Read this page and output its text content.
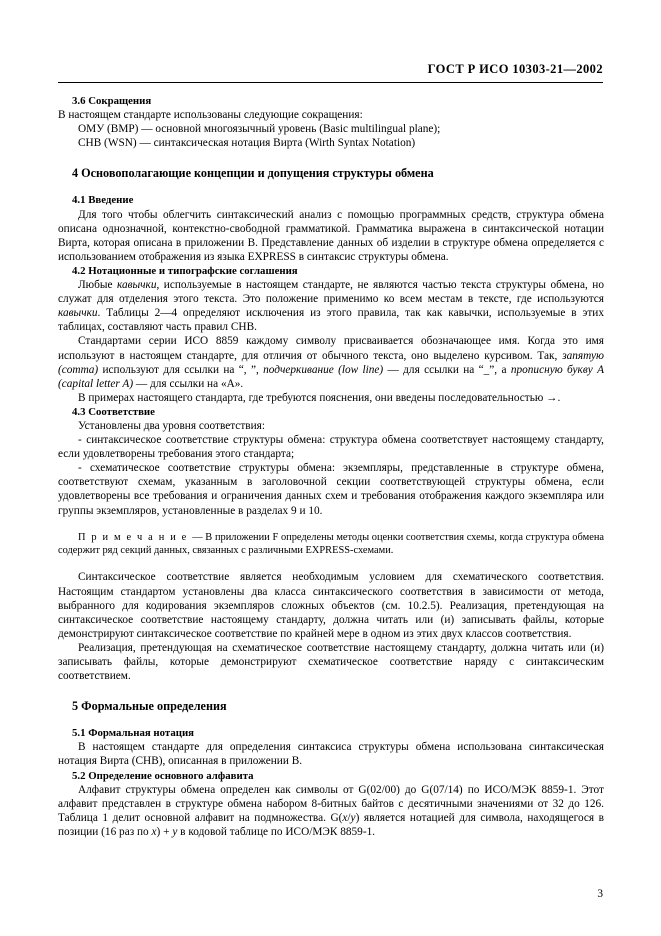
ГОСТ Р ИСО 10303-21—2002
3.6 Сокращения

В настоящем стандарте использованы следующие сокращения:

ОМУ (BMP) — основной многоязычный уровень (Basic multilingual plane);

CHB (WSN) — синтаксическая нотация Вирта (Wirth Syntax Notation)

4 Основополагающие концепции и допущения структуры обмена
4.1 Введение

Для того чтобы облегчить синтаксический анализ с помощью программных средств, структура обмена описана однозначной, контекстно-свободной грамматикой. Грамматика выражена в синтаксической нотации Вирта, которая описана в приложении В. Представление данных об изделии в структуре обмена определяется с использованием отображения из языка EXPRESS в синтаксис структуры обмена.

4.2 Нотационные и типографские соглашения

Любые кавычки, используемые в настоящем стандарте, не являются частью текста структуры обмена, но служат для отделения этого текста. Это положение применимо ко всем местам в тексте, где используются кавычки. Таблицы 2—4 определяют исключения из этого правила, так как кавычки, используемые в этих таблицах, составляют часть правил СНВ.

Стандартами серии ИСО 8859 каждому символу присваивается обозначающее имя. Когда это имя используют в настоящем стандарте, для отличия от обычного текста, оно выделено курсивом. Так, запятую (comma) используют для ссылки на “, ”, подчеркивание (low line) — для ссылки на “_”, а прописную букву A (capital letter A) — для ссылки на «А».

В примерах настоящего стандарта, где требуются пояснения, они введены последовательностью →.

4.3 Соответствие

Установлены два уровня соответствия:

- синтаксическое соответствие структуры обмена: структура обмена соответствует настоящему стандарту, если удовлетворены требования этого стандарта;

- схематическое соответствие структуры обмена: экземпляры, представленные в структуре обмена, соответствуют схемам, указанным в заголовочной секции соответствующей структуры обмена, если удовлетворены все требования и ограничения данных схем и требования отображения каждого экземпляра или группы экземпляров, установленные в разделах 9 и 10.

П р и м е ч а н и е — В приложении F определены методы оценки соответствия схемы, когда структура обмена содержит ряд секций данных, связанных с различными EXPRESS-схемами.

Синтаксическое соответствие является необходимым условием для схематического соответствия. Настоящим стандартом установлены два класса синтаксического соответствия в зависимости от метода, выбранного для кодирования экземпляров сложных объектов (см. 10.2.5). Реализация, претендующая на синтаксическое соответствие настоящему стандарту, должна читать или (и) записывать файлы, которые демонстрируют синтаксическое соответствие по крайней мере в одном из этих двух классов соответствия.

Реализация, претендующая на схематическое соответствие настоящему стандарту, должна читать или (и) записывать файлы, которые демонстрируют схематическое соответствие наряду с синтаксическим соответствием.

5 Формальные определения
5.1 Формальная нотация

В настоящем стандарте для определения синтаксиса структуры обмена использована синтаксическая нотация Вирта (СНВ), описанная в приложении В.

5.2 Определение основного алфавита

Алфавит структуры обмена определен как символы от G(02/00) до G(07/14) по ИСО/МЭК 8859-1. Этот алфавит представлен в структуре обмена набором 8-битных байтов с десятичными значениями от 32 до 126. Таблица 1 делит основной алфавит на подмножества. G(x/y) является нотацией для символа, находящегося в позиции (16 раз по x) + y в кодовой таблице по ИСО/МЭК 8859-1.

3
